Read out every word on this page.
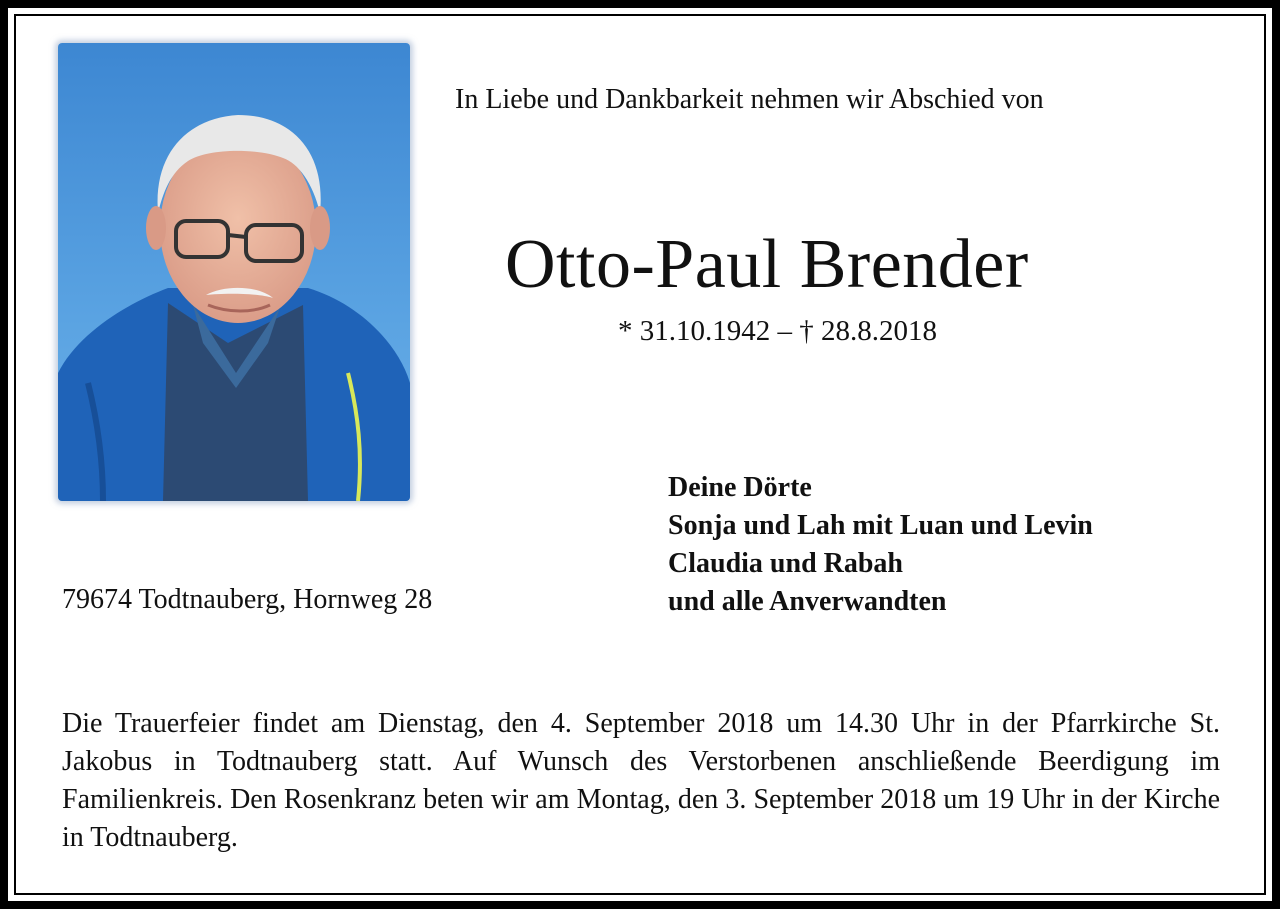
In Liebe und Dankbarkeit nehmen wir Abschied von
Otto-Paul Brender
* 31.10.1942 – † 28.8.2018
Deine Dörte
Sonja und Lah mit Luan und Levin
Claudia und Rabah
und alle Anverwandten
79674 Todtnauberg, Hornweg 28
Die Trauerfeier findet am Dienstag, den 4. September 2018 um 14.30 Uhr in der Pfarrkirche St. Jakobus in Todtnauberg statt. Auf Wunsch des Verstorbenen anschließende Beerdigung im Familienkreis. Den Rosenkranz beten wir am Montag, den 3. September 2018 um 19 Uhr in der Kirche in Todtnauberg.
